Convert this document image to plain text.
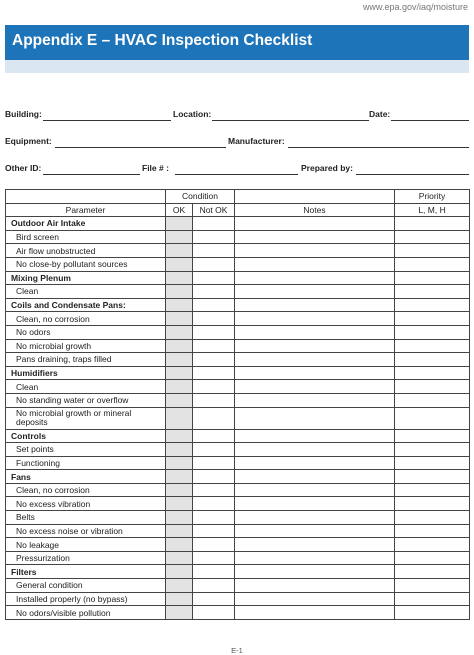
www.epa.gov/iaq/moisture
Appendix E – HVAC Inspection Checklist
Building:	Location:	Date:
Equipment:	Manufacturer:
Other ID:	File # :	Prepared by:
	Condition			Priority
Parameter	OK	Not OK	Notes	L, M, H
Outdoor Air Intake				
Bird screen				
Air flow unobstructed				
No close-by pollutant sources				
Mixing Plenum				
Clean				
Coils and Condensate Pans:				
Clean, no corrosion				
No odors				
No microbial growth				
Pans draining, traps filled				
Humidifiers				
Clean				
No standing water or overflow				
No microbial growth or mineral deposits				
Controls				
Set points				
Functioning				
Fans				
Clean, no corrosion				
No excess vibration				
Belts				
No excess noise or vibration				
No leakage				
Pressurization				
Filters				
General condition				
Installed properly (no bypass)				
No odors/visible pollution				
E-1
